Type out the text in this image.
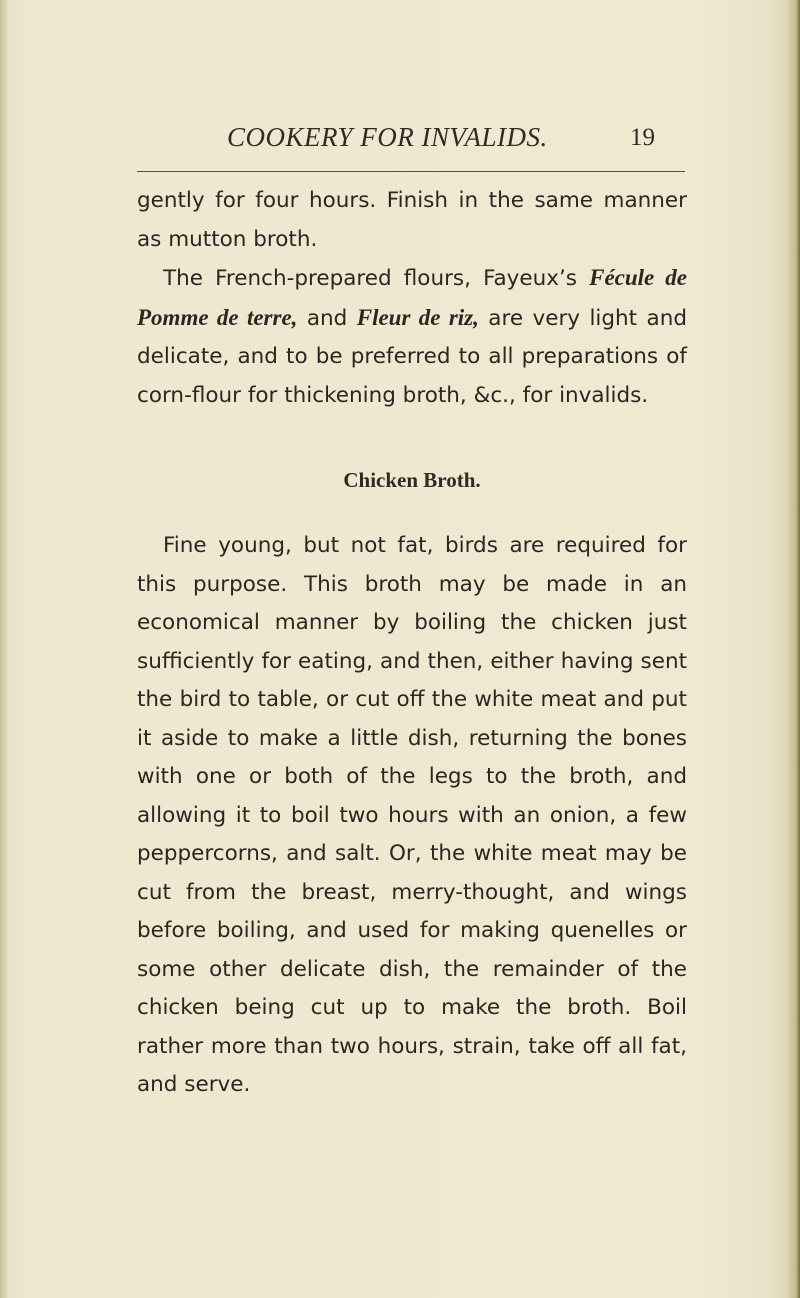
COOKERY FOR INVALIDS.	19

gently for four hours. Finish in the same manner as mutton broth.

The French-prepared flours, Fayeux’s Fécule de Pomme de terre, and Fleur de riz, are very light and delicate, and to be preferred to all preparations of corn-flour for thickening broth, &c., for invalids.

Chicken Broth.

Fine young, but not fat, birds are required for this purpose. This broth may be made in an economical manner by boiling the chicken just sufficiently for eating, and then, either having sent the bird to table, or cut off the white meat and put it aside to make a little dish, returning the bones with one or both of the legs to the broth, and allowing it to boil two hours with an onion, a few peppercorns, and salt. Or, the white meat may be cut from the breast, merry-thought, and wings before boiling, and used for making quenelles or some other delicate dish, the remainder of the chicken being cut up to make the broth. Boil rather more than two hours, strain, take off all fat, and serve.
